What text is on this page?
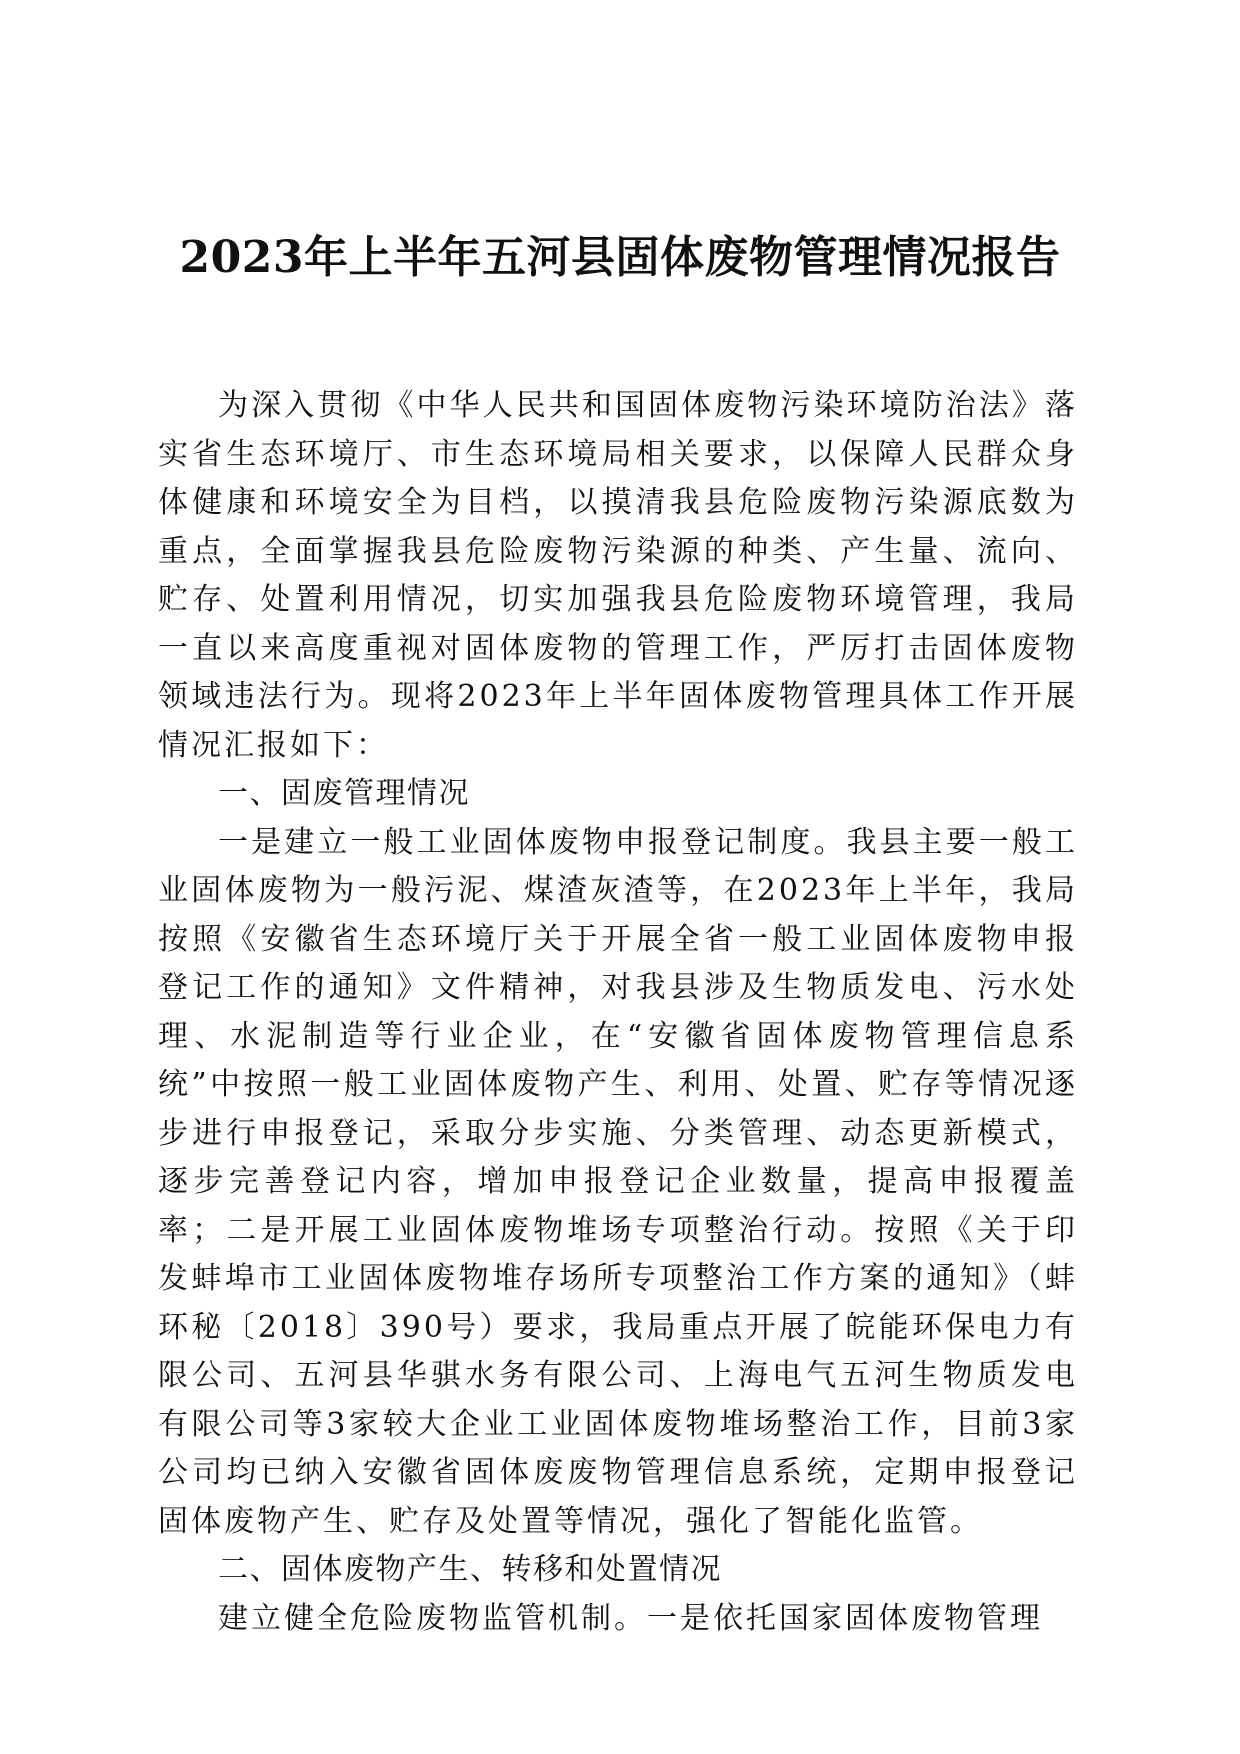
2023年上半年五河县固体废物管理情况报告

为深入贯彻《中华人民共和国固体废物污染环境防治法》落实省生态环境厅、市生态环境局相关要求，以保障人民群众身体健康和环境安全为目档，以摸清我县危险废物污染源底数为重点，全面掌握我县危险废物污染源的种类、产生量、流向、贮存、处置利用情况，切实加强我县危险废物环境管理，我局一直以来高度重视对固体废物的管理工作，严厉打击固体废物领域违法行为。现将2023年上半年固体废物管理具体工作开展情况汇报如下：

一、固废管理情况

一是建立一般工业固体废物申报登记制度。我县主要一般工业固体废物为一般污泥、煤渣灰渣等，在2023年上半年，我局按照《安徽省生态环境厅关于开展全省一般工业固体废物申报登记工作的通知》文件精神，对我县涉及生物质发电、污水处理、水泥制造等行业企业，在“安徽省固体废物管理信息系统”中按照一般工业固体废物产生、利用、处置、贮存等情况逐步进行申报登记，采取分步实施、分类管理、动态更新模式，逐步完善登记内容，增加申报登记企业数量，提高申报覆盖率；二是开展工业固体废物堆场专项整治行动。按照《关于印发蚌埠市工业固体废物堆存场所专项整治工作方案的通知》（蚌环秘〔2018〕390号）要求，我局重点开展了皖能环保电力有限公司、五河县华骐水务有限公司、上海电气五河生物质发电有限公司等3家较大企业工业固体废物堆场整治工作，目前3家公司均已纳入安徽省固体废废物管理信息系统，定期申报登记固体废物产生、贮存及处置等情况，强化了智能化监管。

二、固体废物产生、转移和处置情况

建立健全危险废物监管机制。一是依托国家固体废物管理
